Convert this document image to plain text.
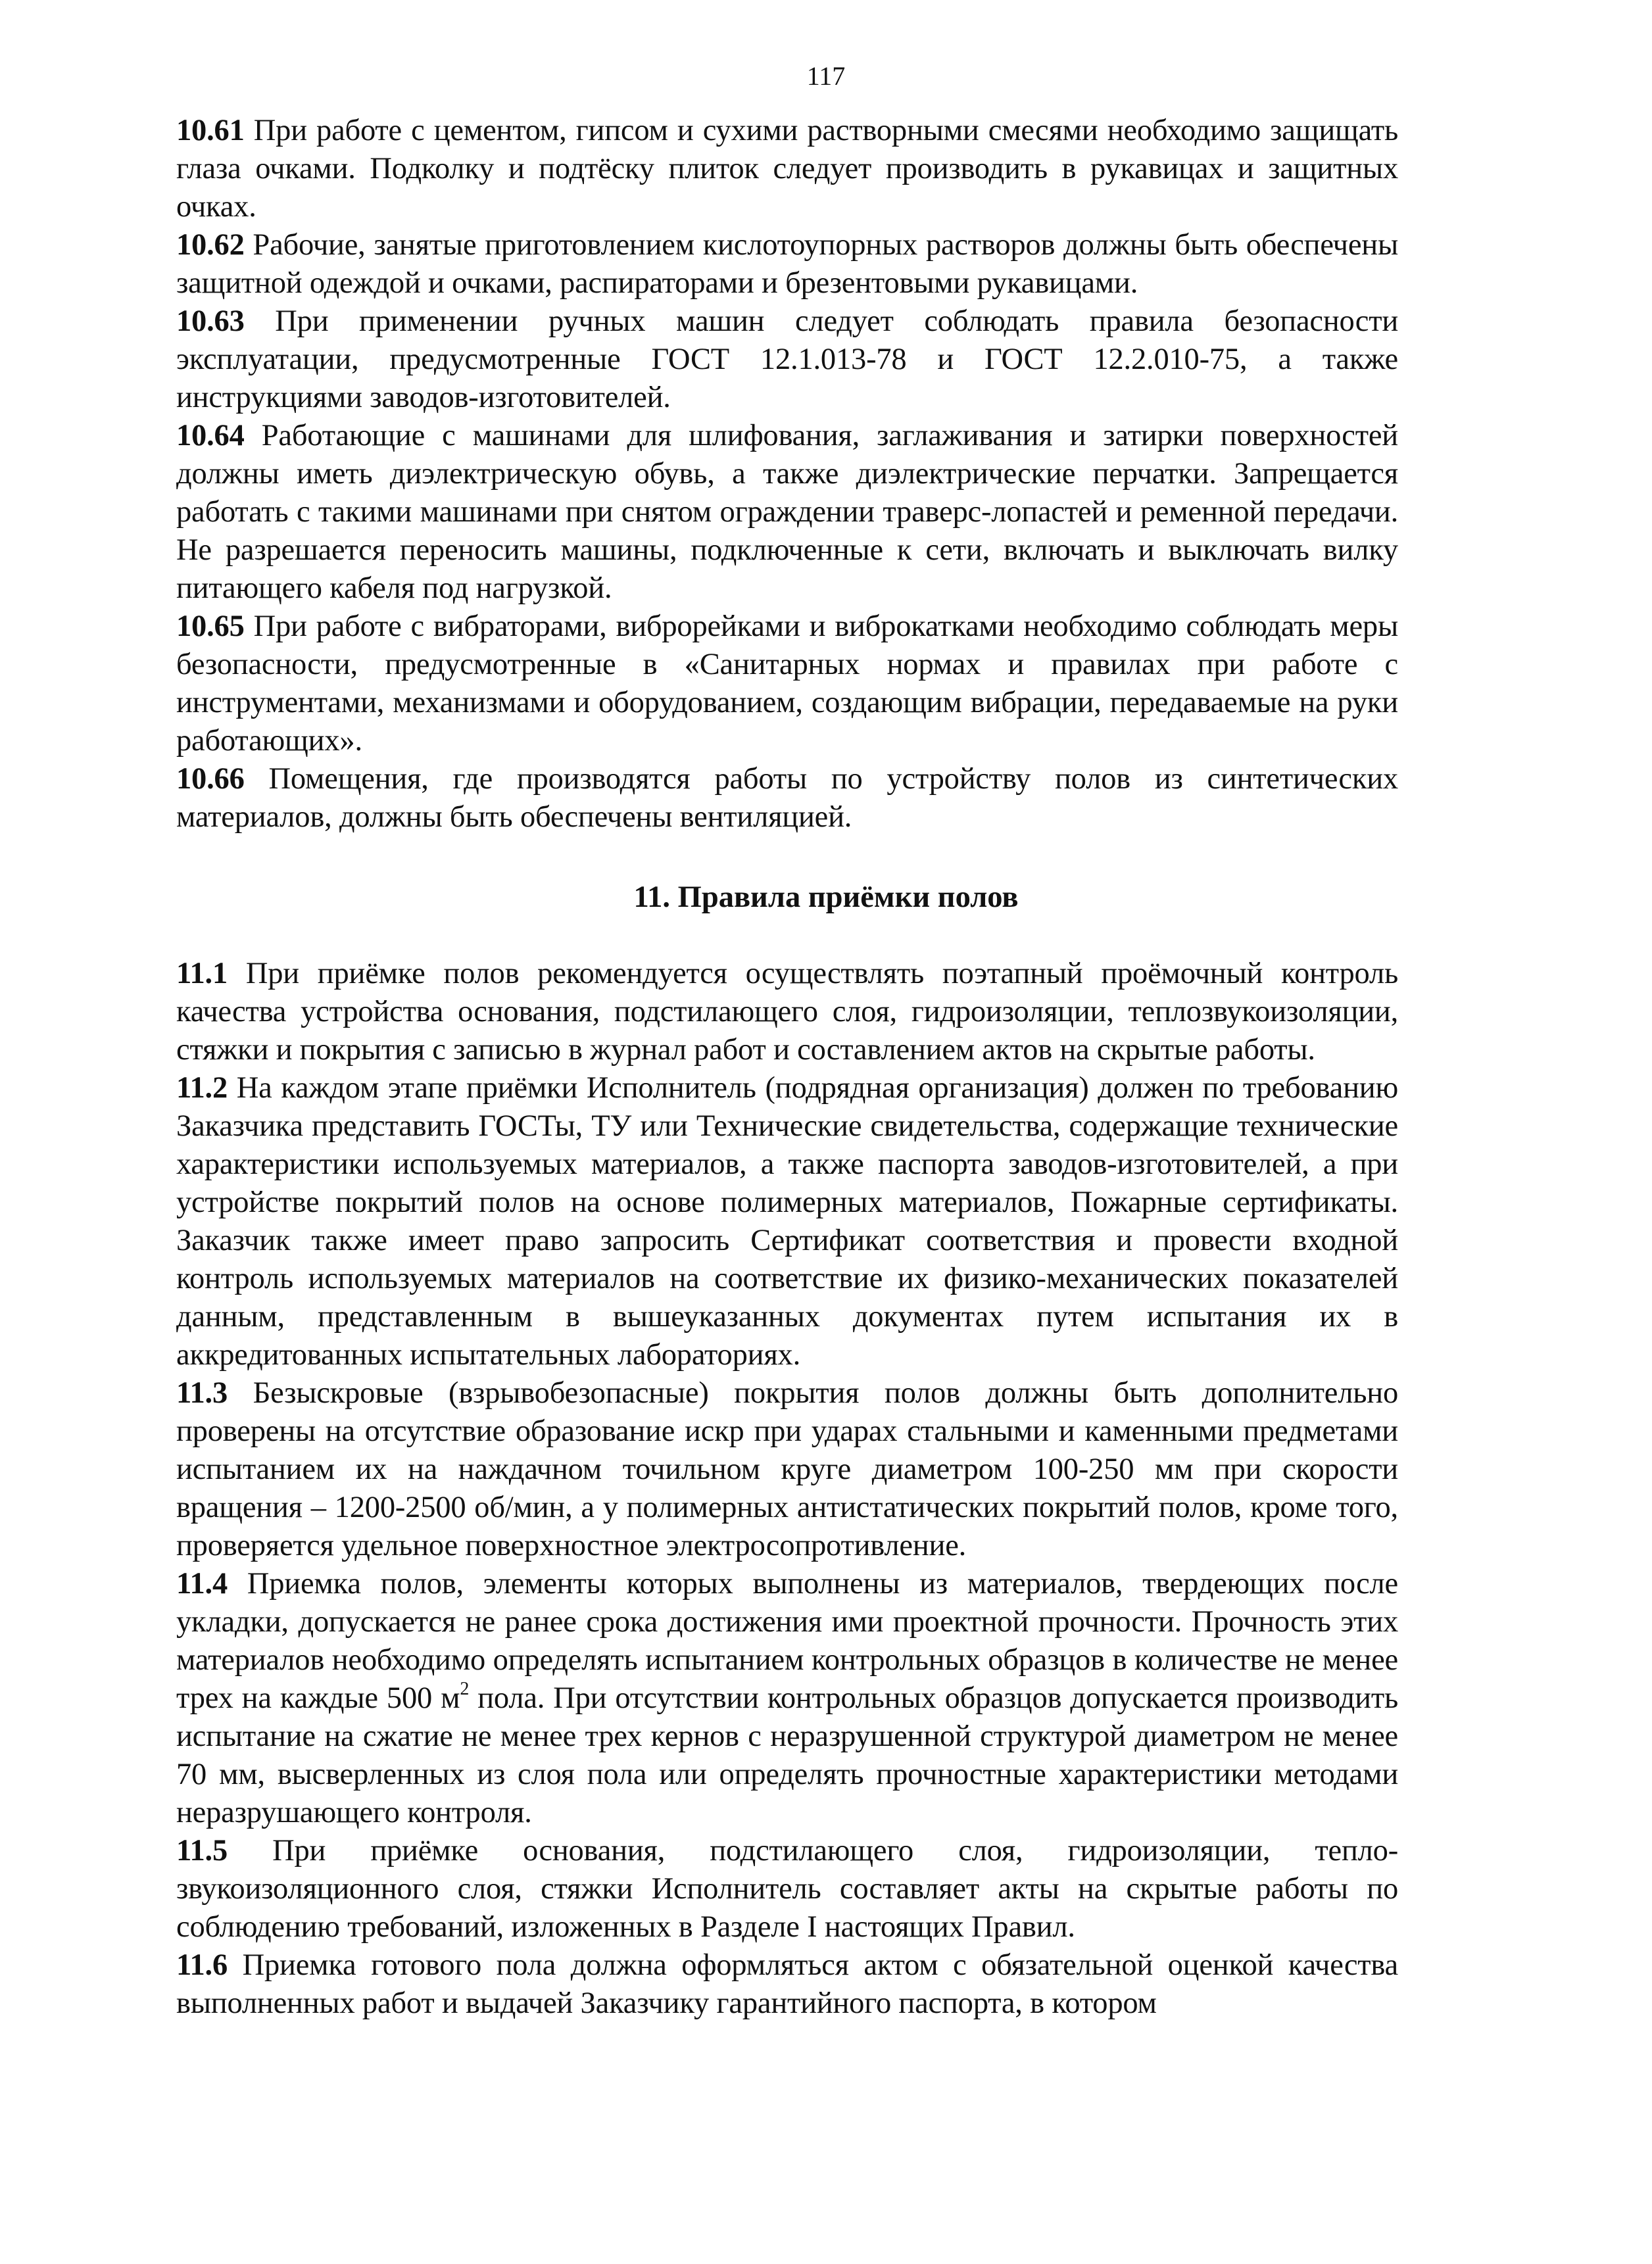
117

10.61 При работе с цементом, гипсом и сухими растворными смесями необходимо защищать глаза очками. Подколку и подтёску плиток следует производить в рукавицах и защитных очках.

10.62 Рабочие, занятые приготовлением кислотоупорных растворов должны быть обеспечены защитной одеждой и очками, распираторами и брезентовыми рукавицами.

10.63 При применении ручных машин следует соблюдать правила безопасности эксплуатации, предусмотренные ГОСТ 12.1.013-78 и ГОСТ 12.2.010-75, а также инструкциями заводов-изготовителей.

10.64 Работающие с машинами для шлифования, заглаживания и затирки поверхностей должны иметь диэлектрическую обувь, а также диэлектрические перчатки. Запрещается работать с такими машинами при снятом ограждении траверс-лопастей и ременной передачи. Не разрешается переносить машины, подключенные к сети, включать и выключать вилку питающего кабеля под нагрузкой.

10.65 При работе с вибраторами, виброрейками и виброкатками необходимо соблюдать меры безопасности, предусмотренные в «Санитарных нормах и правилах при работе с инструментами, механизмами и оборудованием, создающим вибрации, передаваемые на руки работающих».

10.66 Помещения, где производятся работы по устройству полов из синтетических материалов, должны быть обеспечены вентиляцией.

11. Правила приёмки полов

11.1 При приёмке полов рекомендуется осуществлять поэтапный проёмочный контроль качества устройства основания, подстилающего слоя, гидроизоляции, теплозвукоизоляции, стяжки и покрытия с записью в журнал работ и составлением актов на скрытые работы.

11.2 На каждом этапе приёмки Исполнитель (подрядная организация) должен по требованию Заказчика представить ГОСТы, ТУ или Технические свидетельства, содержащие технические характеристики используемых материалов, а также паспорта заводов-изготовителей, а при устройстве покрытий полов на основе полимерных материалов, Пожарные сертификаты. Заказчик также имеет право запросить Сертификат соответствия и провести входной контроль используемых материалов на соответствие их физико-механических показателей данным, представленным в вышеуказанных документах путем испытания их в аккредитованных испытательных лабораториях.

11.3 Безыскровые (взрывобезопасные) покрытия полов должны быть дополнительно проверены на отсутствие образование искр при ударах стальными и каменными предметами испытанием их на наждачном точильном круге диаметром 100-250 мм при скорости вращения – 1200-2500 об/мин, а у полимерных антистатических покрытий полов, кроме того, проверяется удельное поверхностное электросопротивление.

11.4 Приемка полов, элементы которых выполнены из материалов, твердеющих после укладки, допускается не ранее срока достижения ими проектной прочности. Прочность этих материалов необходимо определять испытанием контрольных образцов в количестве не менее трех на каждые 500 $м^2$ пола. При отсутствии контрольных образцов допускается производить испытание на сжатие не менее трех кернов с неразрушенной структурой диаметром не менее 70 мм, высверленных из слоя пола или определять прочностные характеристики методами неразрушающего контроля.

11.5 При приёмке основания, подстилающего слоя, гидроизоляции, тепло-звукоизоляционного слоя, стяжки Исполнитель составляет акты на скрытые работы по соблюдению требований, изложенных в Разделе I настоящих Правил.

11.6 Приемка готового пола должна оформляться актом с обязательной оценкой качества выполненных работ и выдачей Заказчику гарантийного паспорта, в котором
